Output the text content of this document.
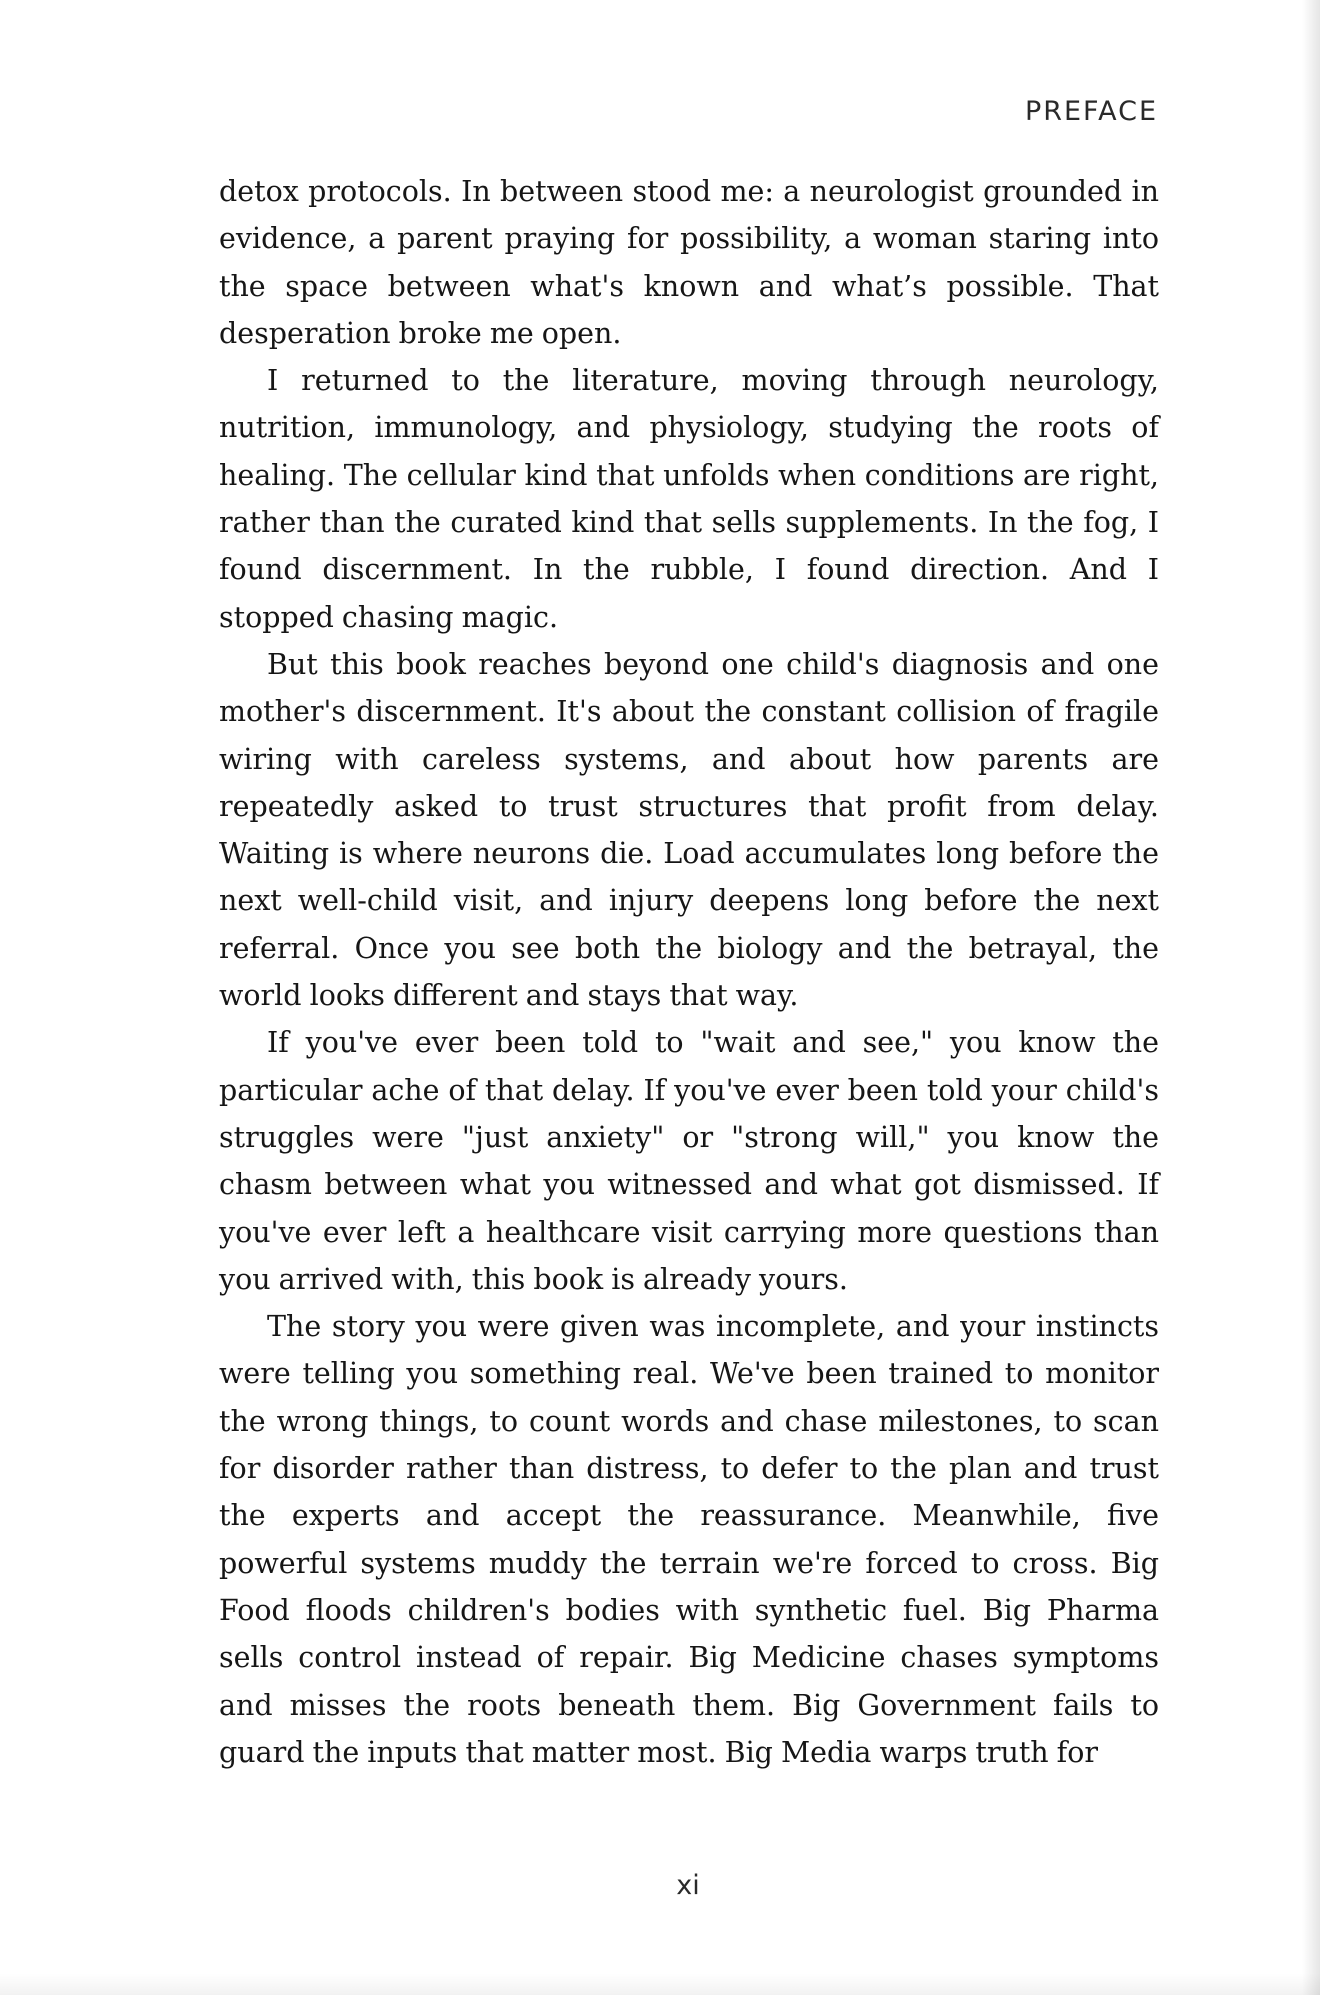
PREFACE

detox protocols. In between stood me: a neurologist grounded in evidence, a parent praying for possibility, a woman staring into the space between what's known and what’s possible. That desperation broke me open.

I returned to the literature, moving through neurology, nutrition, immunology, and physiology, studying the roots of healing. The cellular kind that unfolds when conditions are right, rather than the curated kind that sells supplements. In the fog, I found discernment. In the rubble, I found direction. And I stopped chasing magic.

But this book reaches beyond one child's diagnosis and one mother's discernment. It's about the constant collision of fragile wiring with careless systems, and about how parents are repeatedly asked to trust structures that profit from delay. Waiting is where neurons die. Load accumulates long before the next well-child visit, and injury deepens long before the next referral. Once you see both the biology and the betrayal, the world looks different and stays that way.

If you've ever been told to "wait and see," you know the particular ache of that delay. If you've ever been told your child's struggles were "just anxiety" or "strong will," you know the chasm between what you witnessed and what got dismissed. If you've ever left a healthcare visit carrying more questions than you arrived with, this book is already yours.

The story you were given was incomplete, and your instincts were telling you something real. We've been trained to monitor the wrong things, to count words and chase milestones, to scan for disorder rather than distress, to defer to the plan and trust the experts and accept the reassurance. Meanwhile, five powerful systems muddy the terrain we're forced to cross. Big Food floods children's bodies with synthetic fuel. Big Pharma sells control instead of repair. Big Medicine chases symptoms and misses the roots beneath them. Big Government fails to guard the inputs that matter most. Big Media warps truth for

xi
